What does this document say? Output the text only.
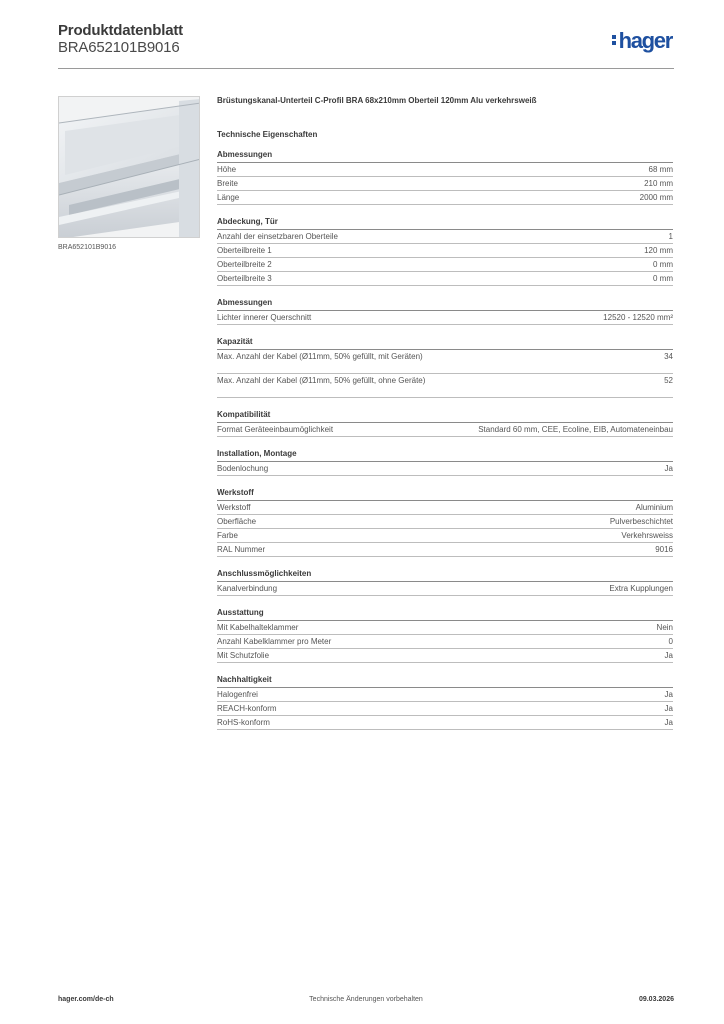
Produktdatenblatt
BRA652101B9016	hager
BRA652101B9016
Brüstungskanal-Unterteil C-Profil BRA 68x210mm Oberteil 120mm Alu verkehrsweiß
Technische Eigenschaften
Abmessungen
Höhe	68 mm
Breite	210 mm
Länge	2000 mm
Abdeckung, Tür
Anzahl der einsetzbaren Oberteile	1
Oberteilbreite 1	120 mm
Oberteilbreite 2	0 mm
Oberteilbreite 3	0 mm
Abmessungen
Lichter innerer Querschnitt	12520 - 12520 mm²
Kapazität
Max. Anzahl der Kabel (Ø11mm, 50% gefüllt, mit Geräten)	34
Max. Anzahl der Kabel (Ø11mm, 50% gefüllt, ohne Geräte)	52
Kompatibilität
Format Geräteeinbaumöglichkeit	Standard 60 mm, CEE, Ecoline, EIB, Automateneinbau
Installation, Montage
Bodenlochung	Ja
Werkstoff
Werkstoff	Aluminium
Oberfläche	Pulverbeschichtet
Farbe	Verkehrsweiss
RAL Nummer	9016
Anschlussmöglichkeiten
Kanalverbindung	Extra Kupplungen
Ausstattung
Mit Kabelhalteklammer	Nein
Anzahl Kabelklammer pro Meter	0
Mit Schutzfolie	Ja
Nachhaltigkeit
Halogenfrei	Ja
REACH-konform	Ja
RoHS-konform	Ja
hager.com/de-ch	Technische Änderungen vorbehalten	09.03.2026
